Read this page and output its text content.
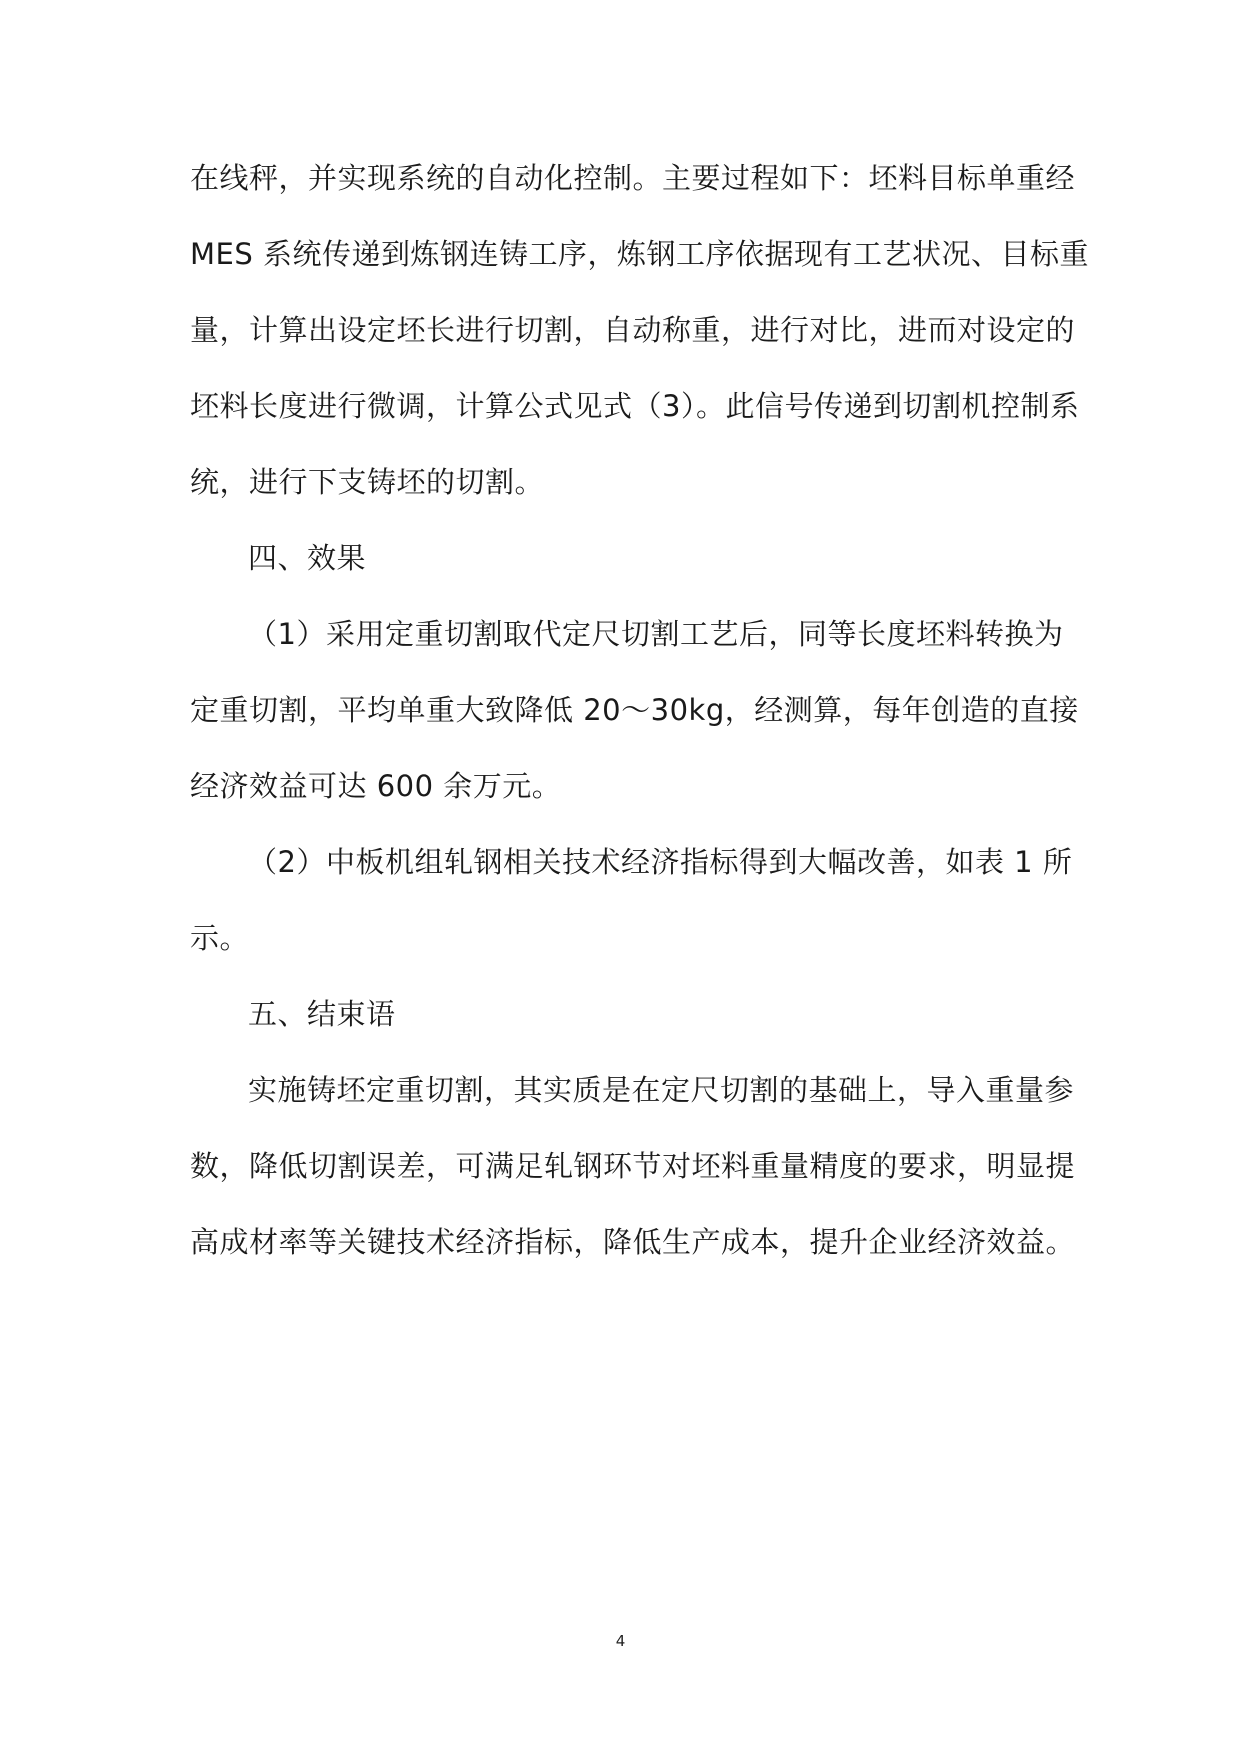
在线秤，并实现系统的自动化控制。主要过程如下：坯料目标单重经
MES 系统传递到炼钢连铸工序，炼钢工序依据现有工艺状况、目标重
量，计算出设定坯长进行切割，自动称重，进行对比，进而对设定的
坯料长度进行微调，计算公式见式（3）。此信号传递到切割机控制系
统，进行下支铸坯的切割。
四、效果
（1）采用定重切割取代定尺切割工艺后，同等长度坯料转换为
定重切割，平均单重大致降低 20～30kg，经测算，每年创造的直接
经济效益可达 600 余万元。
（2）中板机组轧钢相关技术经济指标得到大幅改善，如表 1 所
示。
五、结束语
实施铸坯定重切割，其实质是在定尺切割的基础上，导入重量参
数，降低切割误差，可满足轧钢环节对坯料重量精度的要求，明显提
高成材率等关键技术经济指标，降低生产成本，提升企业经济效益。
4
